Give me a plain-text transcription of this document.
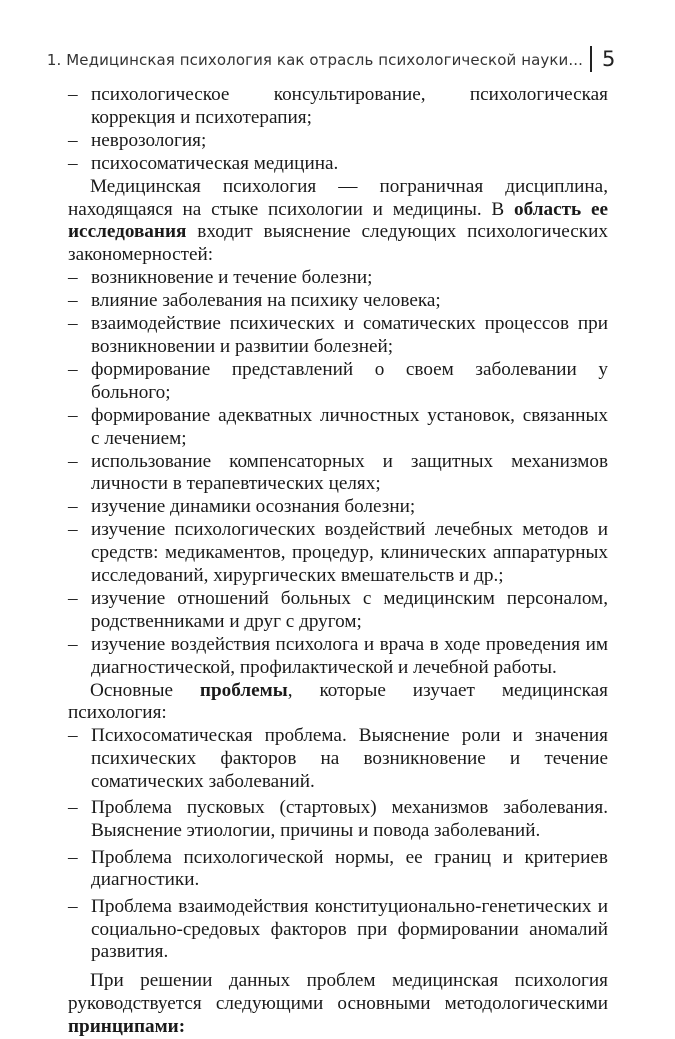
1. Медицинская психология как отрасль психологической науки... 5
– психологическое консультирование, психологическая коррекция и психотерапия;
– неврозология;
– психосоматическая медицина.

Медицинская психология — пограничная дисциплина, находящаяся на стыке психологии и медицины. В область ее исследования входит выяснение следующих психологических закономерностей:

– возникновение и течение болезни;
– влияние заболевания на психику человека;
– взаимодействие психических и соматических процессов при возникновении и развитии болезней;
– формирование представлений о своем заболевании у больного;
– формирование адекватных личностных установок, связанных с лечением;
– использование компенсаторных и защитных механизмов личности в терапевтических целях;
– изучение динамики осознания болезни;
– изучение психологических воздействий лечебных методов и средств: медикаментов, процедур, клинических аппаратурных исследований, хирургических вмешательств и др.;
– изучение отношений больных с медицинским персоналом, родственниками и друг с другом;
– изучение воздействия психолога и врача в ходе проведения им диагностической, профилактической и лечебной работы.

Основные проблемы, которые изучает медицинская психология:

– Психосоматическая проблема. Выяснение роли и значения психических факторов на возникновение и течение соматических заболеваний.
– Проблема пусковых (стартовых) механизмов заболевания. Выяснение этиологии, причины и повода заболеваний.
– Проблема психологической нормы, ее границ и критериев диагностики.
– Проблема взаимодействия конституционально-генетических и социально-средовых факторов при формировании аномалий развития.

При решении данных проблем медицинская психология руководствуется следующими основными методологическими принципами:
